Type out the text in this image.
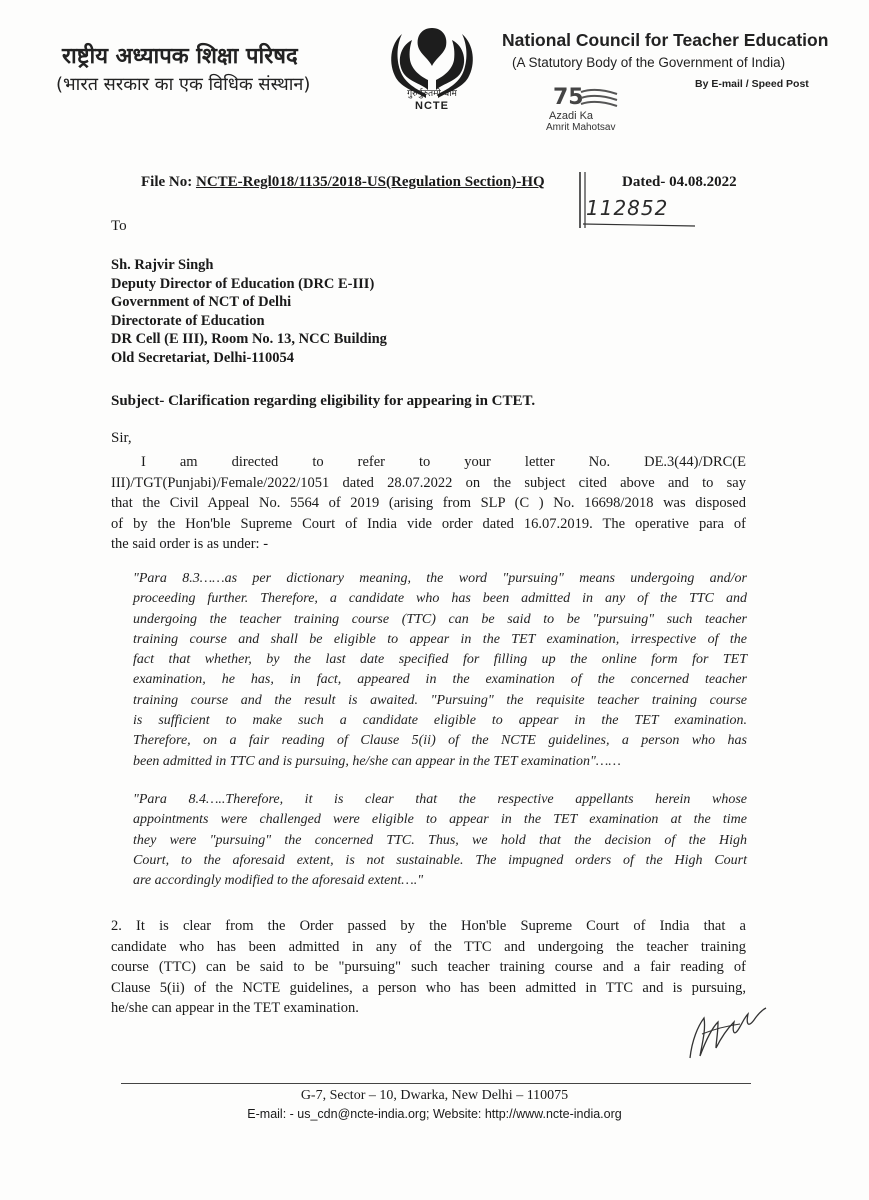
राष्ट्रीय अध्यापक शिक्षा परिषद
(भारत सरकार का एक विधिक संस्थान)	गुरुर्गुरुतमो धाम
NCTE
National Council for Teacher Education
(A Statutory Body of the Government of India)
By E-mail / Speed Post
75
Azadi Ka
Amrit Mahotsav
File No: NCTE-Regl018/1135/2018-US(Regulation Section)-HQ	Dated- 04.08.2022
112852
To
Sh. Rajvir Singh
Deputy Director of Education (DRC E-III)
Government of NCT of Delhi
Directorate of Education
DR Cell (E III), Room No. 13, NCC Building
Old Secretariat, Delhi-110054
Subject- Clarification regarding eligibility for appearing in CTET.
Sir,
I am directed to refer to your letter No. DE.3(44)/DRC(E
III)/TGT(Punjabi)/Female/2022/1051 dated 28.07.2022 on the subject cited above and to say
that the Civil Appeal No. 5564 of 2019 (arising from SLP (C ) No. 16698/2018 was disposed
of by the Hon'ble Supreme Court of India vide order dated 16.07.2019. The operative para of
the said order is as under: -
"Para 8.3……as per dictionary meaning, the word "pursuing" means undergoing and/or
proceeding further. Therefore, a candidate who has been admitted in any of the TTC and
undergoing the teacher training course (TTC) can be said to be "pursuing" such teacher
training course and shall be eligible to appear in the TET examination, irrespective of the
fact that whether, by the last date specified for filling up the online form for TET
examination, he has, in fact, appeared in the examination of the concerned teacher
training course and the result is awaited. "Pursuing" the requisite teacher training course
is sufficient to make such a candidate eligible to appear in the TET examination.
Therefore, on a fair reading of Clause 5(ii) of the NCTE guidelines, a person who has
been admitted in TTC and is pursuing, he/she can appear in the TET examination"……
"Para 8.4…..Therefore, it is clear that the respective appellants herein whose
appointments were challenged were eligible to appear in the TET examination at the time
they were "pursuing" the concerned TTC. Thus, we hold that the decision of the High
Court, to the aforesaid extent, is not sustainable. The impugned orders of the High Court
are accordingly modified to the aforesaid extent…."
2. It is clear from the Order passed by the Hon'ble Supreme Court of India that a
candidate who has been admitted in any of the TTC and undergoing the teacher training
course (TTC) can be said to be "pursuing" such teacher training course and a fair reading of
Clause 5(ii) of the NCTE guidelines, a person who has been admitted in TTC and is pursuing,
he/she can appear in the TET examination.
G-7, Sector – 10, Dwarka, New Delhi – 110075
E-mail: - us_cdn@ncte-india.org; Website: http://www.ncte-india.org
